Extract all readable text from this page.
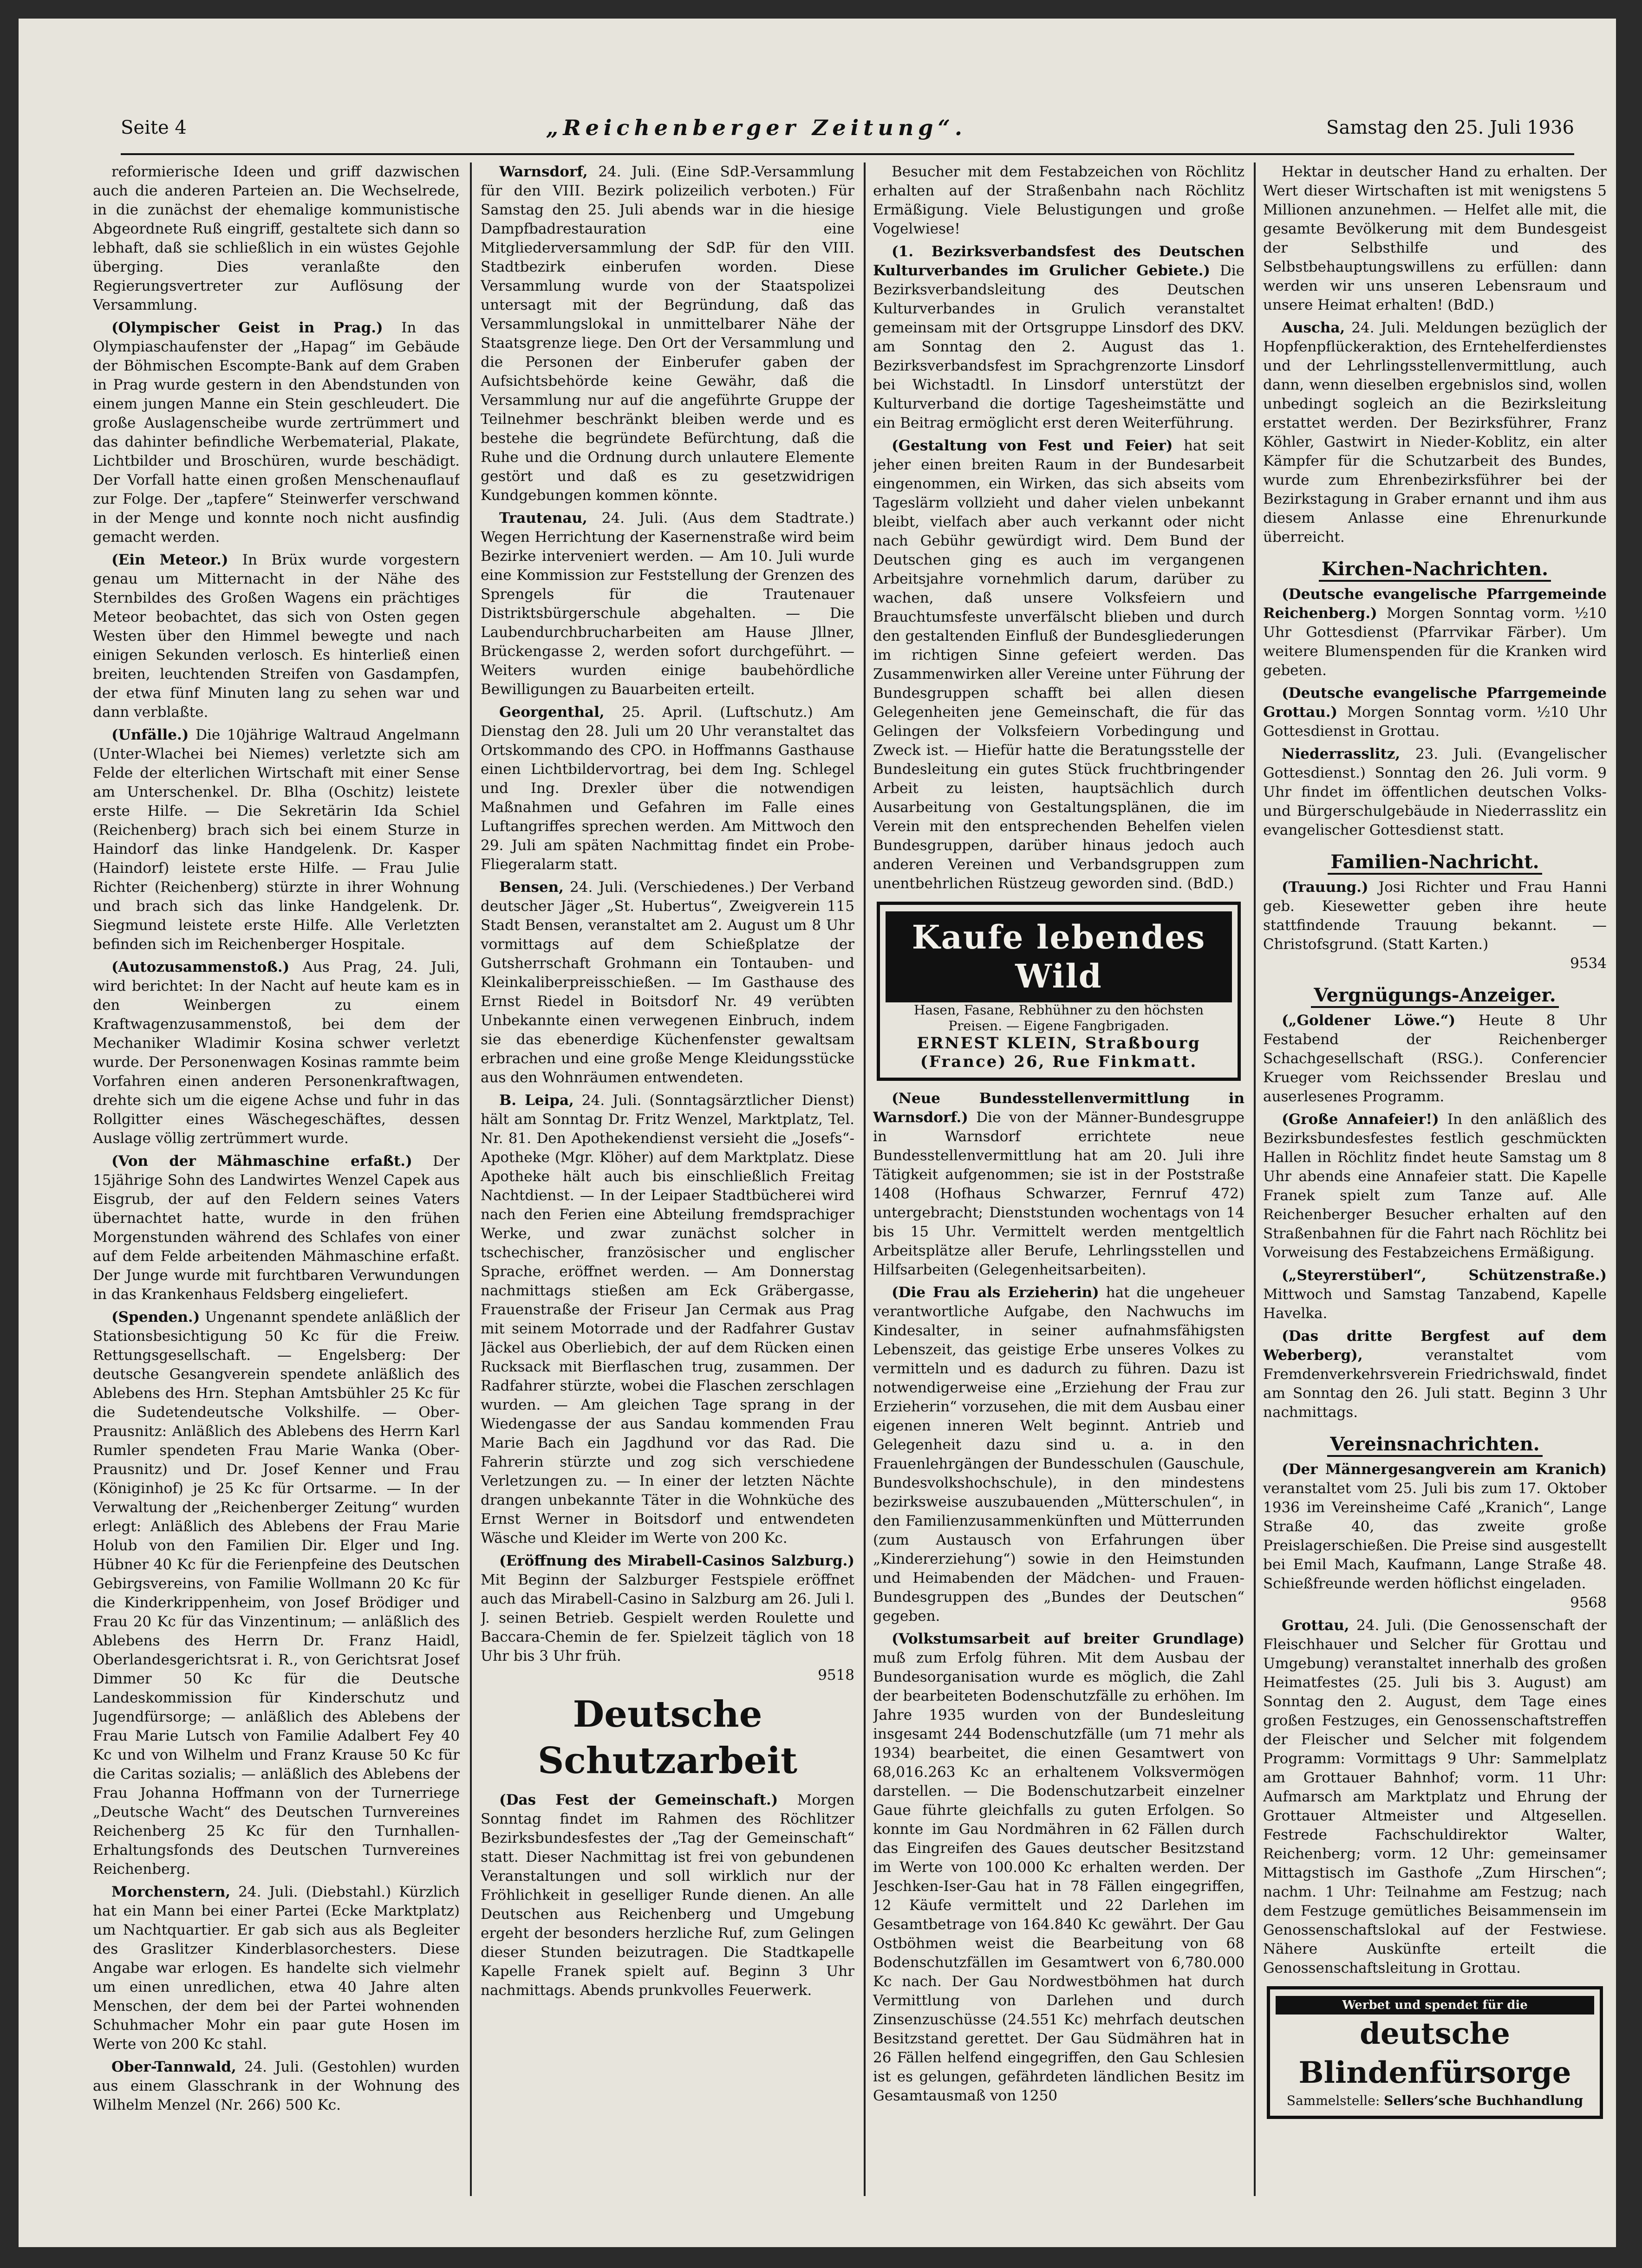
Seite 4	„Reichenberger Zeitung“.	Samstag den 25. Juli 1936

reformierische Ideen und griff dazwischen auch die anderen Parteien an. Die Wechselrede, in die zunächst der ehemalige kommunistische Abgeordnete Ruß eingriff, gestaltete sich dann so lebhaft, daß sie schließlich in ein wüstes Gejohle überging. Dies veranlaßte den Regierungsvertreter zur Auflösung der Versammlung.

(Olympischer Geist in Prag.) In das Olympiaschaufenster der „Hapag“ im Gebäude der Böhmischen Escompte-Bank auf dem Graben in Prag wurde gestern in den Abendstunden von einem jungen Manne ein Stein geschleudert. Die große Auslagenscheibe wurde zertrümmert und das dahinter befindliche Werbematerial, Plakate, Lichtbilder und Broschüren, wurde beschädigt. Der Vorfall hatte einen großen Menschenauflauf zur Folge. Der „tapfere“ Steinwerfer verschwand in der Menge und konnte noch nicht ausfindig gemacht werden.

(Ein Meteor.) In Brüx wurde vorgestern genau um Mitternacht in der Nähe des Sternbildes des Großen Wagens ein prächtiges Meteor beobachtet, das sich von Osten gegen Westen über den Himmel bewegte und nach einigen Sekunden verlosch. Es hinterließ einen breiten, leuchtenden Streifen von Gasdampfen, der etwa fünf Minuten lang zu sehen war und dann verblaßte.

(Unfälle.) Die 10jährige Waltraud Angelmann (Unter-Wlachei bei Niemes) verletzte sich am Felde der elterlichen Wirtschaft mit einer Sense am Unterschenkel. Dr. Blha (Oschitz) leistete erste Hilfe. — Die Sekretärin Ida Schiel (Reichenberg) brach sich bei einem Sturze in Haindorf das linke Handgelenk. Dr. Kasper (Haindorf) leistete erste Hilfe. — Frau Julie Richter (Reichenberg) stürzte in ihrer Wohnung und brach sich das linke Handgelenk. Dr. Siegmund leistete erste Hilfe. Alle Verletzten befinden sich im Reichenberger Hospitale.

(Autozusammenstoß.) Aus Prag, 24. Juli, wird berichtet: In der Nacht auf heute kam es in den Weinbergen zu einem Kraftwagenzusammenstoß, bei dem der Mechaniker Wladimir Kosina schwer verletzt wurde. Der Personenwagen Kosinas rammte beim Vorfahren einen anderen Personenkraftwagen, drehte sich um die eigene Achse und fuhr in das Rollgitter eines Wäschegeschäftes, dessen Auslage völlig zertrümmert wurde.

(Von der Mähmaschine erfaßt.) Der 15jährige Sohn des Landwirtes Wenzel Capek aus Eisgrub, der auf den Feldern seines Vaters übernachtet hatte, wurde in den frühen Morgenstunden während des Schlafes von einer auf dem Felde arbeitenden Mähmaschine erfaßt. Der Junge wurde mit furchtbaren Verwundungen in das Krankenhaus Feldsberg eingeliefert.

(Spenden.) Ungenannt spendete anläßlich der Stationsbesichtigung 50 Kc für die Freiw. Rettungsgesellschaft. — Engelsberg: Der deutsche Gesangverein spendete anläßlich des Ablebens des Hrn. Stephan Amtsbühler 25 Kc für die Sudetendeutsche Volkshilfe. — Ober-Prausnitz: Anläßlich des Ablebens des Herrn Karl Rumler spendeten Frau Marie Wanka (Ober-Prausnitz) und Dr. Josef Kenner und Frau (Königinhof) je 25 Kc für Ortsarme. — In der Verwaltung der „Reichenberger Zeitung“ wurden erlegt: Anläßlich des Ablebens der Frau Marie Holub von den Familien Dir. Elger und Ing. Hübner 40 Kc für die Ferienpfeine des Deutschen Gebirgsvereins, von Familie Wollmann 20 Kc für die Kinderkrippenheim, von Josef Brödiger und Frau 20 Kc für das Vinzentinum; — anläßlich des Ablebens des Herrn Dr. Franz Haidl, Oberlandesgerichtsrat i. R., von Gerichtsrat Josef Dimmer 50 Kc für die Deutsche Landeskommission für Kinderschutz und Jugendfürsorge; — anläßlich des Ablebens der Frau Marie Lutsch von Familie Adalbert Fey 40 Kc und von Wilhelm und Franz Krause 50 Kc für die Caritas sozialis; — anläßlich des Ablebens der Frau Johanna Hoffmann von der Turnerriege „Deutsche Wacht“ des Deutschen Turnvereines Reichenberg 25 Kc für den Turnhallen-Erhaltungsfonds des Deutschen Turnvereines Reichenberg.

Morchenstern, 24. Juli. (Diebstahl.) Kürzlich hat ein Mann bei einer Partei (Ecke Marktplatz) um Nachtquartier. Er gab sich aus als Begleiter des Graslitzer Kinderblasorchesters. Diese Angabe war erlogen. Es handelte sich vielmehr um einen unredlichen, etwa 40 Jahre alten Menschen, der dem bei der Partei wohnenden Schuhmacher Mohr ein paar gute Hosen im Werte von 200 Kc stahl.

Ober-Tannwald, 24. Juli. (Gestohlen) wurden aus einem Glasschrank in der Wohnung des Wilhelm Menzel (Nr. 266) 500 Kc.

Warnsdorf, 24. Juli. (Eine SdP.-Versammlung für den VIII. Bezirk polizeilich verboten.) Für Samstag den 25. Juli abends war in die hiesige Dampfbadrestauration eine Mitgliederversammlung der SdP. für den VIII. Stadtbezirk einberufen worden. Diese Versammlung wurde von der Staatspolizei untersagt mit der Begründung, daß das Versammlungslokal in unmittelbarer Nähe der Staatsgrenze liege. Den Ort der Versammlung und die Personen der Einberufer gaben der Aufsichtsbehörde keine Gewähr, daß die Versammlung nur auf die angeführte Gruppe der Teilnehmer beschränkt bleiben werde und es bestehe die begründete Befürchtung, daß die Ruhe und die Ordnung durch unlautere Elemente gestört und daß es zu gesetzwidrigen Kundgebungen kommen könnte.

Trautenau, 24. Juli. (Aus dem Stadtrate.) Wegen Herrichtung der Kasernenstraße wird beim Bezirke interveniert werden. — Am 10. Juli wurde eine Kommission zur Feststellung der Grenzen des Sprengels für die Trautenauer Distriktsbürgerschule abgehalten. — Die Laubendurchbrucharbeiten am Hause Jllner, Brückengasse 2, werden sofort durchgeführt. — Weiters wurden einige baubehördliche Bewilligungen zu Bauarbeiten erteilt.

Georgenthal, 25. April. (Luftschutz.) Am Dienstag den 28. Juli um 20 Uhr veranstaltet das Ortskommando des CPO. in Hoffmanns Gasthause einen Lichtbildervortrag, bei dem Ing. Schlegel und Ing. Drexler über die notwendigen Maßnahmen und Gefahren im Falle eines Luftangriffes sprechen werden. Am Mittwoch den 29. Juli am späten Nachmittag findet ein Probe-Fliegeralarm statt.

Bensen, 24. Juli. (Verschiedenes.) Der Verband deutscher Jäger „St. Hubertus“, Zweigverein 115 Stadt Bensen, veranstaltet am 2. August um 8 Uhr vormittags auf dem Schießplatze der Gutsherrschaft Grohmann ein Tontauben- und Kleinkaliberpreisschießen. — Im Gasthause des Ernst Riedel in Boitsdorf Nr. 49 verübten Unbekannte einen verwegenen Einbruch, indem sie das ebenerdige Küchenfenster gewaltsam erbrachen und eine große Menge Kleidungsstücke aus den Wohnräumen entwendeten.

B. Leipa, 24. Juli. (Sonntagsärztlicher Dienst) hält am Sonntag Dr. Fritz Wenzel, Marktplatz, Tel. Nr. 81. Den Apothekendienst versieht die „Josefs“-Apotheke (Mgr. Klöher) auf dem Marktplatz. Diese Apotheke hält auch bis einschließlich Freitag Nachtdienst. — In der Leipaer Stadtbücherei wird nach den Ferien eine Abteilung fremdsprachiger Werke, und zwar zunächst solcher in tschechischer, französischer und englischer Sprache, eröffnet werden. — Am Donnerstag nachmittags stießen am Eck Gräbergasse, Frauenstraße der Friseur Jan Cermak aus Prag mit seinem Motorrade und der Radfahrer Gustav Jäckel aus Oberliebich, der auf dem Rücken einen Rucksack mit Bierflaschen trug, zusammen. Der Radfahrer stürzte, wobei die Flaschen zerschlagen wurden. — Am gleichen Tage sprang in der Wiedengasse der aus Sandau kommenden Frau Marie Bach ein Jagdhund vor das Rad. Die Fahrerin stürzte und zog sich verschiedene Verletzungen zu. — In einer der letzten Nächte drangen unbekannte Täter in die Wohnküche des Ernst Werner in Boitsdorf und entwendeten Wäsche und Kleider im Werte von 200 Kc.

(Eröffnung des Mirabell-Casinos Salzburg.) Mit Beginn der Salzburger Festspiele eröffnet auch das Mirabell-Casino in Salzburg am 26. Juli l. J. seinen Betrieb. Gespielt werden Roulette und Baccara-Chemin de fer. Spielzeit täglich von 18 Uhr bis 3 Uhr früh.
9518

Deutsche Schutzarbeit

(Das Fest der Gemeinschaft.) Morgen Sonntag findet im Rahmen des Röchlitzer Bezirksbundesfestes der „Tag der Gemeinschaft“ statt. Dieser Nachmittag ist frei von gebundenen Veranstaltungen und soll wirklich nur der Fröhlichkeit in geselliger Runde dienen. An alle Deutschen aus Reichenberg und Umgebung ergeht der besonders herzliche Ruf, zum Gelingen dieser Stunden beizutragen. Die Stadtkapelle Kapelle Franek spielt auf. Beginn 3 Uhr nachmittags. Abends prunkvolles Feuerwerk.

Besucher mit dem Festabzeichen von Röchlitz erhalten auf der Straßenbahn nach Röchlitz Ermäßigung. Viele Belustigungen und große Vogelwiese!

(1. Bezirksverbandsfest des Deutschen Kulturverbandes im Grulicher Gebiete.) Die Bezirksverbandsleitung des Deutschen Kulturverbandes in Grulich veranstaltet gemeinsam mit der Ortsgruppe Linsdorf des DKV. am Sonntag den 2. August das 1. Bezirksverbandsfest im Sprachgrenzorte Linsdorf bei Wichstadtl. In Linsdorf unterstützt der Kulturverband die dortige Tagesheimstätte und ein Beitrag ermöglicht erst deren Weiterführung.

(Gestaltung von Fest und Feier) hat seit jeher einen breiten Raum in der Bundesarbeit eingenommen, ein Wirken, das sich abseits vom Tageslärm vollzieht und daher vielen unbekannt bleibt, vielfach aber auch verkannt oder nicht nach Gebühr gewürdigt wird. Dem Bund der Deutschen ging es auch im vergangenen Arbeitsjahre vornehmlich darum, darüber zu wachen, daß unsere Volksfeiern und Brauchtumsfeste unverfälscht blieben und durch den gestaltenden Einfluß der Bundesgliederungen im richtigen Sinne gefeiert werden. Das Zusammenwirken aller Vereine unter Führung der Bundesgruppen schafft bei allen diesen Gelegenheiten jene Gemeinschaft, die für das Gelingen der Volksfeiern Vorbedingung und Zweck ist. — Hiefür hatte die Beratungsstelle der Bundesleitung ein gutes Stück fruchtbringender Arbeit zu leisten, hauptsächlich durch Ausarbeitung von Gestaltungsplänen, die im Verein mit den entsprechenden Behelfen vielen Bundesgruppen, darüber hinaus jedoch auch anderen Vereinen und Verbandsgruppen zum unentbehrlichen Rüstzeug geworden sind. (BdD.)

Kaufe lebendes Wild
Hasen, Fasane, Rebhühner zu den höchsten Preisen. — Eigene Fangbrigaden.
ERNEST KLEIN, Straßbourg
(France) 26, Rue Finkmatt.

(Neue Bundesstellenvermittlung in Warnsdorf.) Die von der Männer-Bundesgruppe in Warnsdorf errichtete neue Bundesstellenvermittlung hat am 20. Juli ihre Tätigkeit aufgenommen; sie ist in der Poststraße 1408 (Hofhaus Schwarzer, Fernruf 472) untergebracht; Dienststunden wochentags von 14 bis 15 Uhr. Vermittelt werden mentgeltlich Arbeitsplätze aller Berufe, Lehrlingsstellen und Hilfsarbeiten (Gelegenheitsarbeiten).

(Die Frau als Erzieherin) hat die ungeheuer verantwortliche Aufgabe, den Nachwuchs im Kindesalter, in seiner aufnahmsfähigsten Lebenszeit, das geistige Erbe unseres Volkes zu vermitteln und es dadurch zu führen. Dazu ist notwendigerweise eine „Erziehung der Frau zur Erzieherin“ vorzusehen, die mit dem Ausbau einer eigenen inneren Welt beginnt. Antrieb und Gelegenheit dazu sind u. a. in den Frauenlehrgängen der Bundesschulen (Gauschule, Bundesvolkshochschule), in den mindestens bezirksweise auszubauenden „Mütterschulen“, in den Familienzusammenkünften und Mütterrunden (zum Austausch von Erfahrungen über „Kindererziehung“) sowie in den Heimstunden und Heimabenden der Mädchen- und Frauen-Bundesgruppen des „Bundes der Deutschen“ gegeben.

(Volkstumsarbeit auf breiter Grundlage) muß zum Erfolg führen. Mit dem Ausbau der Bundesorganisation wurde es möglich, die Zahl der bearbeiteten Bodenschutzfälle zu erhöhen. Im Jahre 1935 wurden von der Bundesleitung insgesamt 244 Bodenschutzfälle (um 71 mehr als 1934) bearbeitet, die einen Gesamtwert von 68,016.263 Kc an erhaltenem Volksvermögen darstellen. — Die Bodenschutzarbeit einzelner Gaue führte gleichfalls zu guten Erfolgen. So konnte im Gau Nordmähren in 62 Fällen durch das Eingreifen des Gaues deutscher Besitzstand im Werte von 100.000 Kc erhalten werden. Der Jeschken-Iser-Gau hat in 78 Fällen eingegriffen, 12 Käufe vermittelt und 22 Darlehen im Gesamtbetrage von 164.840 Kc gewährt. Der Gau Ostböhmen weist die Bearbeitung von 68 Bodenschutzfällen im Gesamtwert von 6,780.000 Kc nach. Der Gau Nordwestböhmen hat durch Vermittlung von Darlehen und durch Zinsenzuschüsse (24.551 Kc) mehrfach deutschen Besitzstand gerettet. Der Gau Südmähren hat in 26 Fällen helfend eingegriffen, den Gau Schlesien ist es gelungen, gefährdeten ländlichen Besitz im Gesamtausmaß von 1250

Hektar in deutscher Hand zu erhalten. Der Wert dieser Wirtschaften ist mit wenigstens 5 Millionen anzunehmen. — Helfet alle mit, die gesamte Bevölkerung mit dem Bundesgeist der Selbsthilfe und des Selbstbehauptungswillens zu erfüllen: dann werden wir uns unseren Lebensraum und unsere Heimat erhalten! (BdD.)

Auscha, 24. Juli. Meldungen bezüglich der Hopfenpflückeraktion, des Erntehelferdienstes und der Lehrlingsstellenvermittlung, auch dann, wenn dieselben ergebnislos sind, wollen unbedingt sogleich an die Bezirksleitung erstattet werden. Der Bezirksführer, Franz Köhler, Gastwirt in Nieder-Koblitz, ein alter Kämpfer für die Schutzarbeit des Bundes, wurde zum Ehrenbezirksführer bei der Bezirkstagung in Graber ernannt und ihm aus diesem Anlasse eine Ehrenurkunde überreicht.

Kirchen-Nachrichten.

(Deutsche evangelische Pfarrgemeinde Reichenberg.) Morgen Sonntag vorm. ½10 Uhr Gottesdienst (Pfarrvikar Färber). Um weitere Blumenspenden für die Kranken wird gebeten.

(Deutsche evangelische Pfarrgemeinde Grottau.) Morgen Sonntag vorm. ½10 Uhr Gottesdienst in Grottau.

Niederrasslitz, 23. Juli. (Evangelischer Gottesdienst.) Sonntag den 26. Juli vorm. 9 Uhr findet im öffentlichen deutschen Volks- und Bürgerschulgebäude in Niederrasslitz ein evangelischer Gottesdienst statt.

Familien-Nachricht.

(Trauung.) Josi Richter und Frau Hanni geb. Kiesewetter geben ihre heute stattfindende Trauung bekannt. — Christofsgrund. (Statt Karten.)
9534

Vergnügungs-Anzeiger.

(„Goldener Löwe.“) Heute 8 Uhr Festabend der Reichenberger Schachgesellschaft (RSG.). Conferencier Krueger vom Reichssender Breslau und auserlesenes Programm.

(Große Annafeier!) In den anläßlich des Bezirksbundesfestes festlich geschmückten Hallen in Röchlitz findet heute Samstag um 8 Uhr abends eine Annafeier statt. Die Kapelle Franek spielt zum Tanze auf. Alle Reichenberger Besucher erhalten auf den Straßenbahnen für die Fahrt nach Röchlitz bei Vorweisung des Festabzeichens Ermäßigung.

(„Steyrerstüberl“, Schützenstraße.) Mittwoch und Samstag Tanzabend, Kapelle Havelka.

(Das dritte Bergfest auf dem Weberberg),	veranstaltet vom Fremdenverkehrsverein Friedrichswald, findet am Sonntag den 26. Juli statt. Beginn 3 Uhr nachmittags.

Vereinsnachrichten.

(Der Männergesangverein am Kranich) veranstaltet vom 25. Juli bis zum 17. Oktober 1936 im Vereinsheime Café „Kranich“, Lange Straße 40, das zweite große Preislagerschießen. Die Preise sind ausgestellt bei Emil Mach, Kaufmann, Lange Straße 48. Schießfreunde werden höflichst eingeladen.
9568

Grottau, 24. Juli. (Die Genossenschaft der Fleischhauer und Selcher für Grottau und Umgebung) veranstaltet innerhalb des großen Heimatfestes (25. Juli bis 3. August) am Sonntag den 2. August, dem Tage eines großen Festzuges, ein Genossenschaftstreffen der Fleischer und Selcher mit folgendem Programm: Vormittags 9 Uhr: Sammelplatz am Grottauer Bahnhof; vorm. 11 Uhr: Aufmarsch am Marktplatz und Ehrung der Grottauer Altmeister und Altgesellen. Festrede Fachschuldirektor Walter, Reichenberg; vorm. 12 Uhr: gemeinsamer Mittagstisch im Gasthofe „Zum Hirschen“; nachm. 1 Uhr: Teilnahme am Festzug; nach dem Festzuge gemütliches Beisammensein im Genossenschaftslokal auf der Festwiese. Nähere Auskünfte erteilt die Genossenschaftsleitung in Grottau.

Werbet und spendet für die
deutsche Blindenfürsorge
Sammelstelle: Sellers’sche Buchhandlung
